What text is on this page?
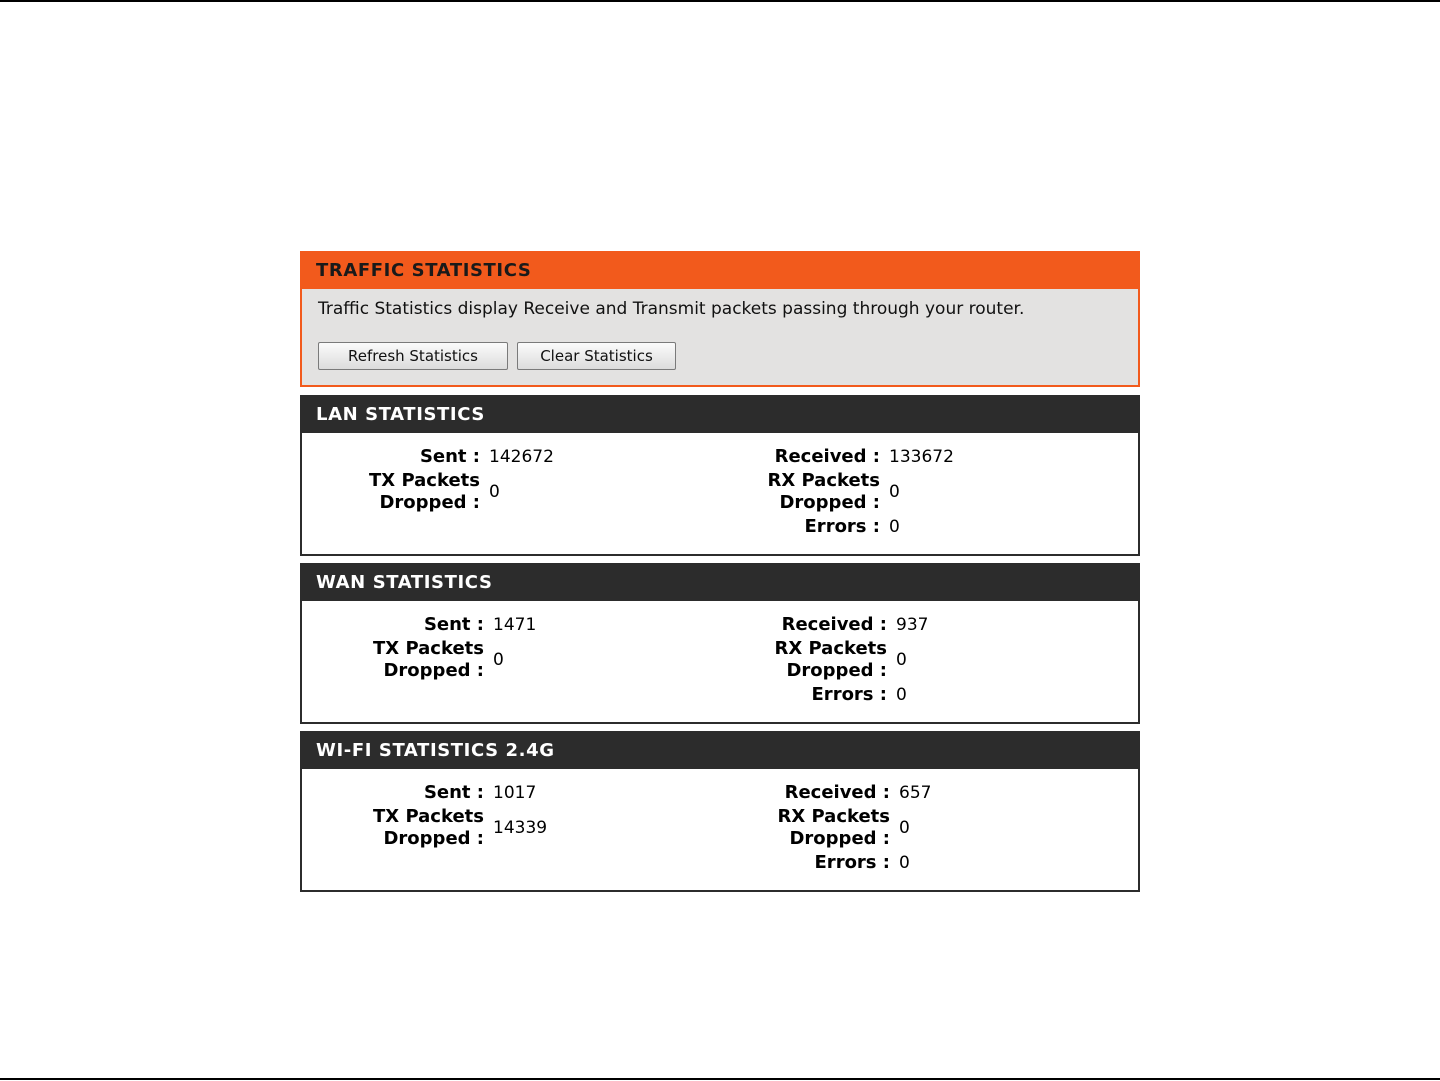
TRAFFIC STATISTICS
Traffic Statistics display Receive and Transmit packets passing through your router.
Refresh Statistics	Clear Statistics
LAN STATISTICS
Sent : 142672
TX Packets
Dropped : 0
Received : 133672
RX Packets
Dropped : 0
Errors : 0
WAN STATISTICS
Sent : 1471
TX Packets
Dropped : 0
Received : 937
RX Packets
Dropped : 0
Errors : 0
WI-FI STATISTICS 2.4G
Sent : 1017
TX Packets
Dropped : 14339
Received : 657
RX Packets
Dropped : 0
Errors : 0
